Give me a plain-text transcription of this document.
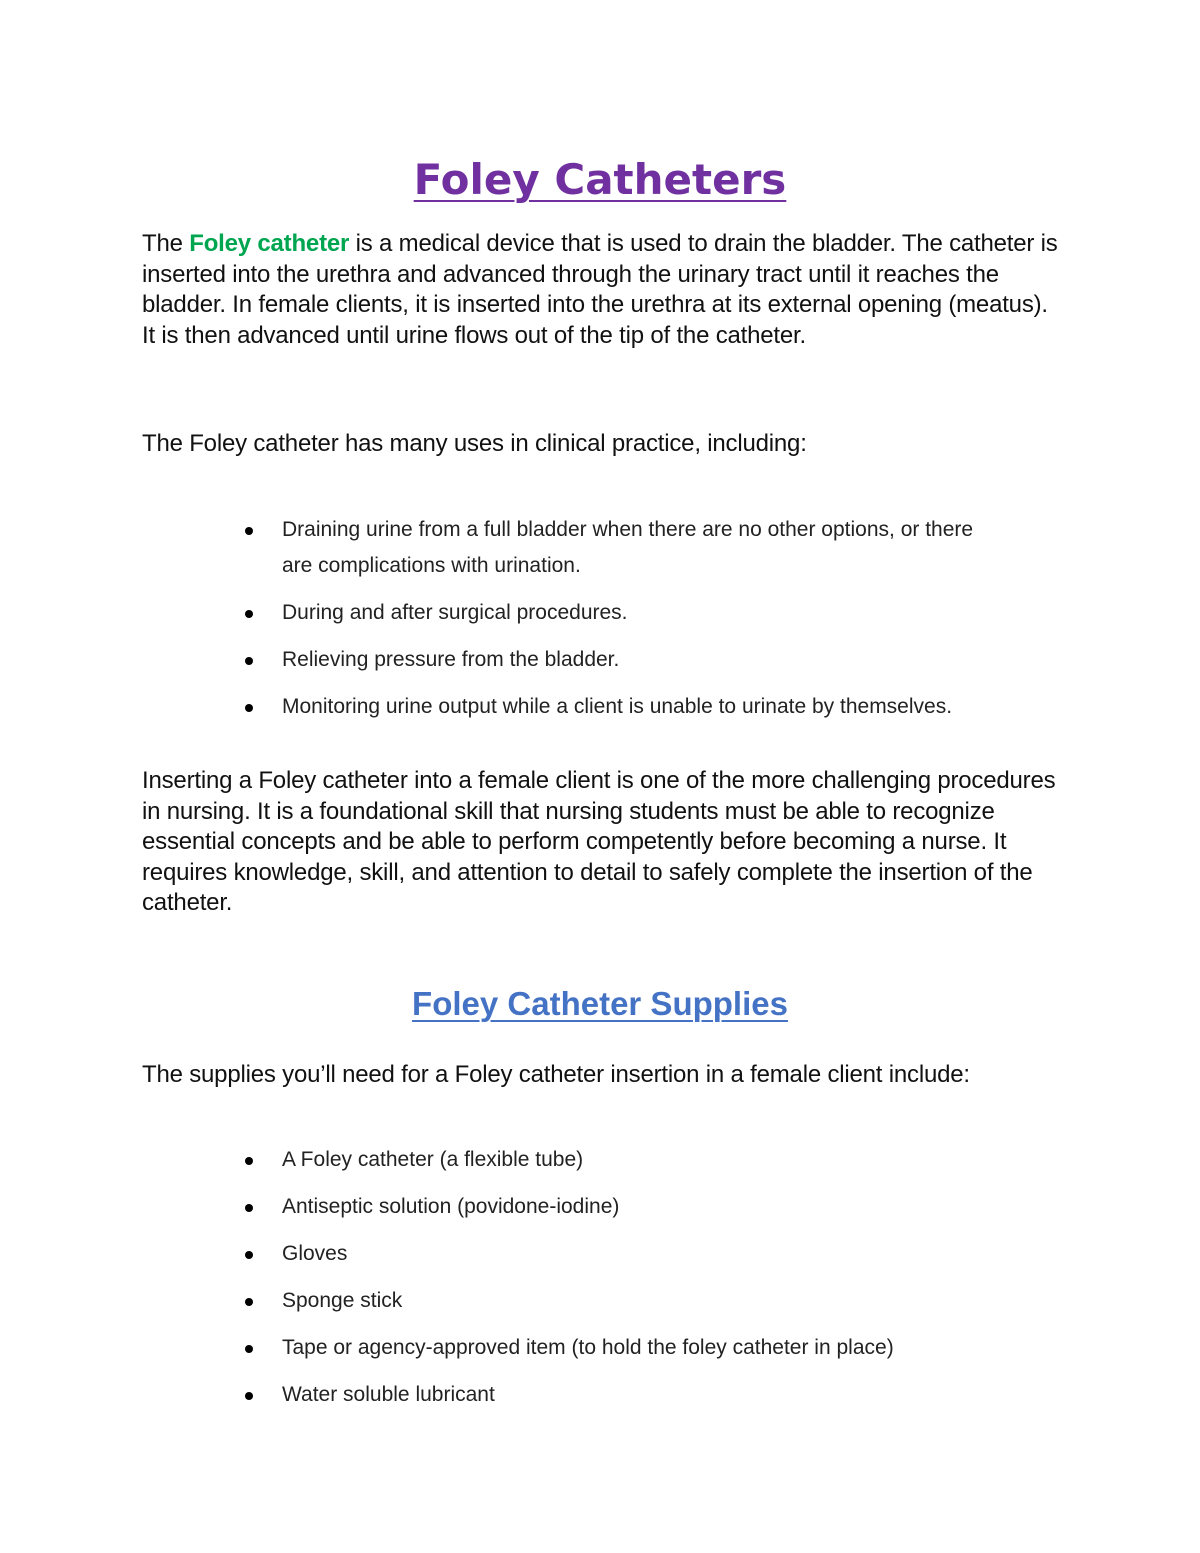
Foley Catheters

The Foley catheter is a medical device that is used to drain the bladder. The catheter is inserted into the urethra and advanced through the urinary tract until it reaches the bladder. In female clients, it is inserted into the urethra at its external opening (meatus). It is then advanced until urine flows out of the tip of the catheter.

The Foley catheter has many uses in clinical practice, including:

Draining urine from a full bladder when there are no other options, or there are complications with urination.
During and after surgical procedures.
Relieving pressure from the bladder.
Monitoring urine output while a client is unable to urinate by themselves.

Inserting a Foley catheter into a female client is one of the more challenging procedures in nursing. It is a foundational skill that nursing students must be able to recognize essential concepts and be able to perform competently before becoming a nurse. It requires knowledge, skill, and attention to detail to safely complete the insertion of the catheter.

Foley Catheter Supplies

The supplies you’ll need for a Foley catheter insertion in a female client include:

A Foley catheter (a flexible tube)
Antiseptic solution (povidone-iodine)
Gloves
Sponge stick
Tape or agency-approved item (to hold the foley catheter in place)
Water soluble lubricant
